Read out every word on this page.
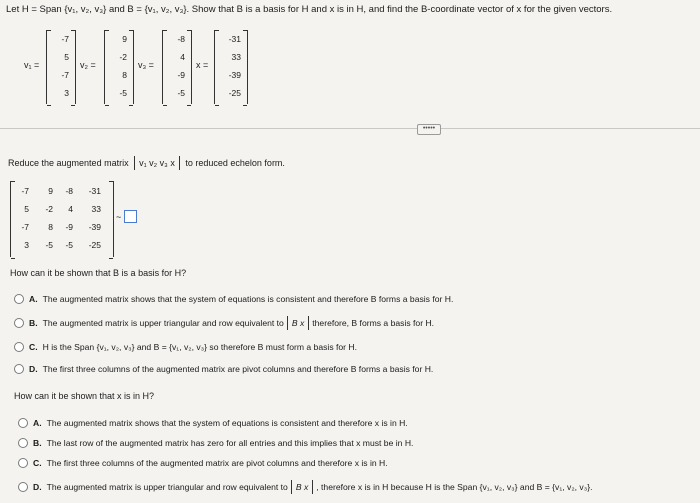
Let H = Span {v₁, v₂, v₃} and B = {v₁, v₂, v₃}. Show that B is a basis for H and x is in H, and find the B-coordinate vector of x for the given vectors.
v₁ =
-7
5
-7
3
v₂ =
9
-2
8
-5
v₃ =
-8
4
-9
-5
x =
-31
33
-39
-25
•••••
Reduce the augmented matrix v₁ v₂ v₃ x to reduced echelon form.
-7	9	-8	-31
5	-2	4	33
-7	8	-9	-39
3	-5	-5	-25
~
How can it be shown that B is a basis for H?
A. The augmented matrix shows that the system of equations is consistent and therefore B forms a basis for H.
B. The augmented matrix is upper triangular and row equivalent to B x therefore, B forms a basis for H.
C. H is the Span {v₁, v₂, v₃} and B = {v₁, v₂, v₃} so therefore B must form a basis for H.
D. The first three columns of the augmented matrix are pivot columns and therefore B forms a basis for H.
How can it be shown that x is in H?
A. The augmented matrix shows that the system of equations is consistent and therefore x is in H.
B. The last row of the augmented matrix has zero for all entries and this implies that x must be in H.
C. The first three columns of the augmented matrix are pivot columns and therefore x is in H.
D. The augmented matrix is upper triangular and row equivalent to B x , therefore x is in H because H is the Span {v₁, v₂, v₃} and B = {v₁, v₂, v₃}.
